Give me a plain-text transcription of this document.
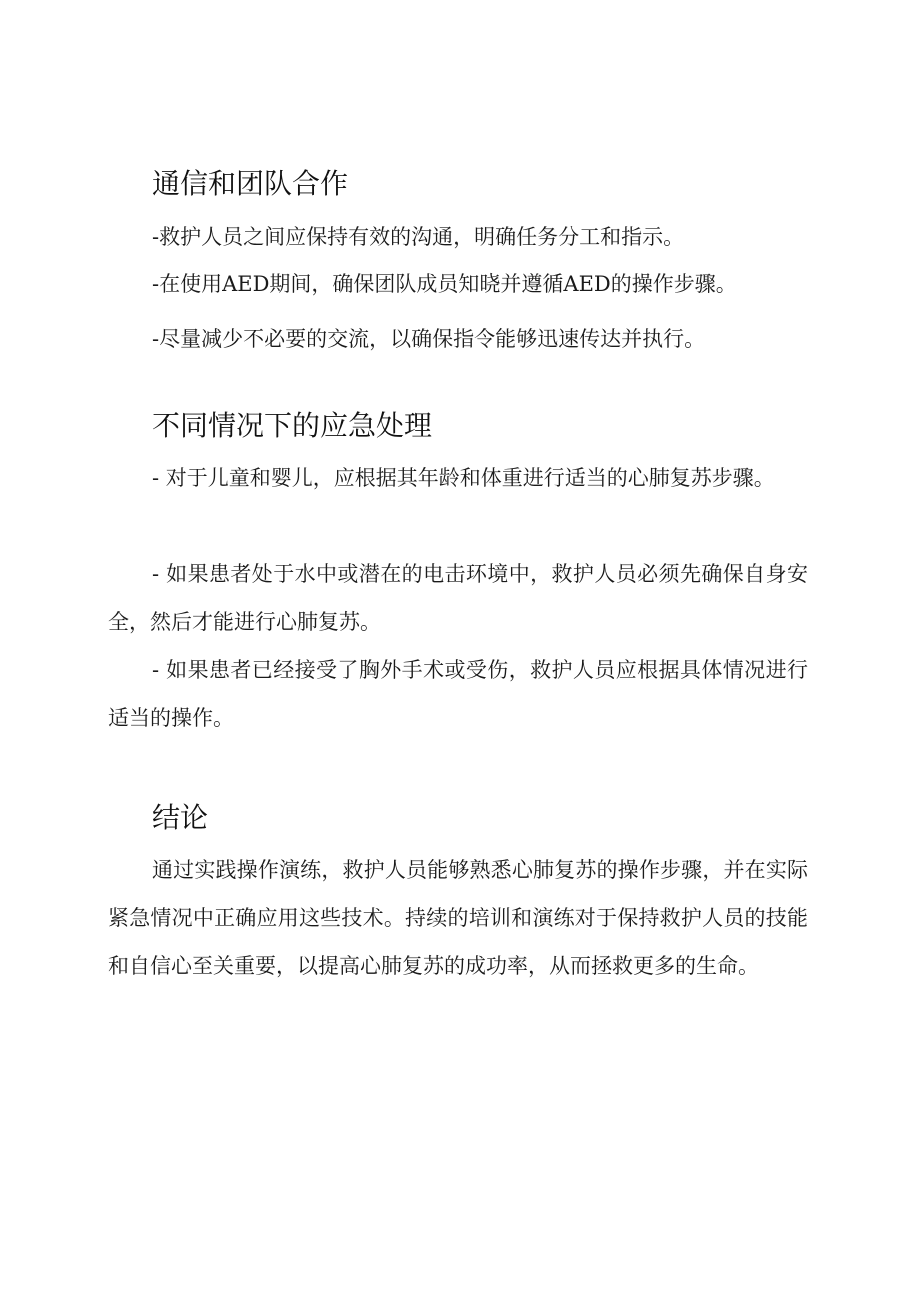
通信和团队合作

-救护人员之间应保持有效的沟通，明确任务分工和指示。

-在使用AED期间，确保团队成员知晓并遵循AED的操作步骤。

-尽量减少不必要的交流，以确保指令能够迅速传达并执行。

不同情况下的应急处理

- 对于儿童和婴儿，应根据其年龄和体重进行适当的心肺复苏步骤。

- 如果患者处于水中或潜在的电击环境中，救护人员必须先确保自身安全，然后才能进行心肺复苏。

- 如果患者已经接受了胸外手术或受伤，救护人员应根据具体情况进行适当的操作。

结论

通过实践操作演练，救护人员能够熟悉心肺复苏的操作步骤，并在实际紧急情况中正确应用这些技术。持续的培训和演练对于保持救护人员的技能和自信心至关重要，以提高心肺复苏的成功率，从而拯救更多的生命。
